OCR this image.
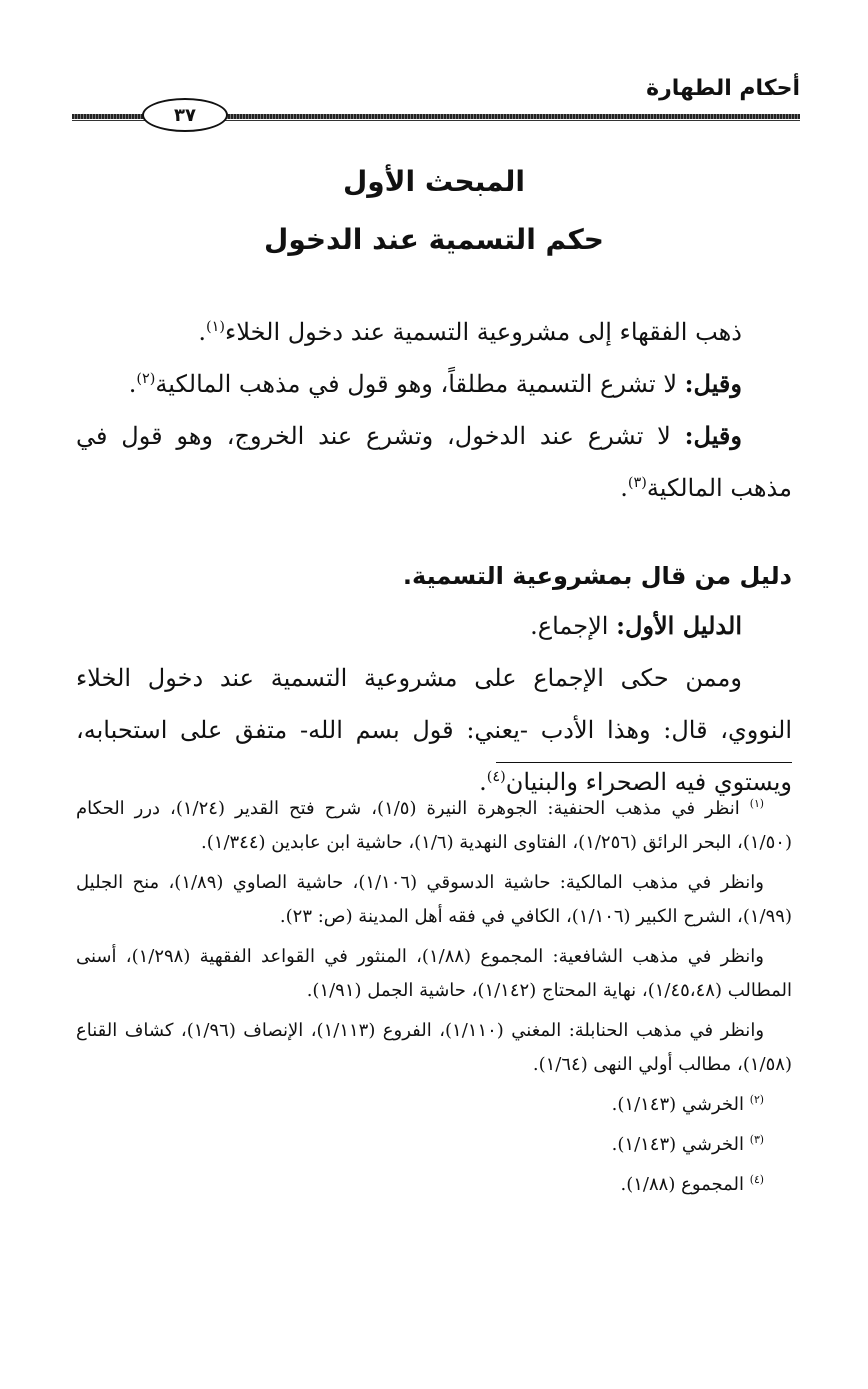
أحكام الطهارة
٣٧
المبحث الأول
حكم التسمية عند الدخول

ذهب الفقهاء إلى مشروعية التسمية عند دخول الخلاء$^{(١)}$.

وقيل: لا تشرع التسمية مطلقاً، وهو قول في مذهب المالكية$^{(٢)}$.

وقيل: لا تشرع عند الدخول، وتشرع عند الخروج، وهو قول في مذهب المالكية$^{(٣)}$.

دليل من قال بمشروعية التسمية.

الدليل الأول: الإجماع.

وممن حكى الإجماع على مشروعية التسمية عند دخول الخلاء النووي، قال: وهذا الأدب -يعني: قول بسم الله- متفق على استحبابه، ويستوي فيه الصحراء والبنيان$^{(٤)}$.

$^{(١)}$ انظر في مذهب الحنفية: الجوهرة النيرة (١/٥)، شرح فتح القدير (١/٢٤)، درر الحكام (١/٥٠)، البحر الرائق (١/٢٥٦)، الفتاوى النهدية (١/٦)، حاشية ابن عابدين (١/٣٤٤).

وانظر في مذهب المالكية: حاشية الدسوقي (١/١٠٦)، حاشية الصاوي (١/٨٩)، منح الجليل (١/٩٩)، الشرح الكبير (١/١٠٦)، الكافي في فقه أهل المدينة (ص: ٢٣).

وانظر في مذهب الشافعية: المجموع (١/٨٨)، المنثور في القواعد الفقهية (١/٢٩٨)، أسنى المطالب (١/٤٥،٤٨)، نهاية المحتاج (١/١٤٢)، حاشية الجمل (١/٩١).

وانظر في مذهب الحنابلة: المغني (١/١١٠)، الفروع (١/١١٣)، الإنصاف (١/٩٦)، كشاف القناع (١/٥٨)، مطالب أولي النهى (١/٦٤).

$^{(٢)}$ الخرشي (١/١٤٣).

$^{(٣)}$ الخرشي (١/١٤٣).

$^{(٤)}$ المجموع (١/٨٨).
